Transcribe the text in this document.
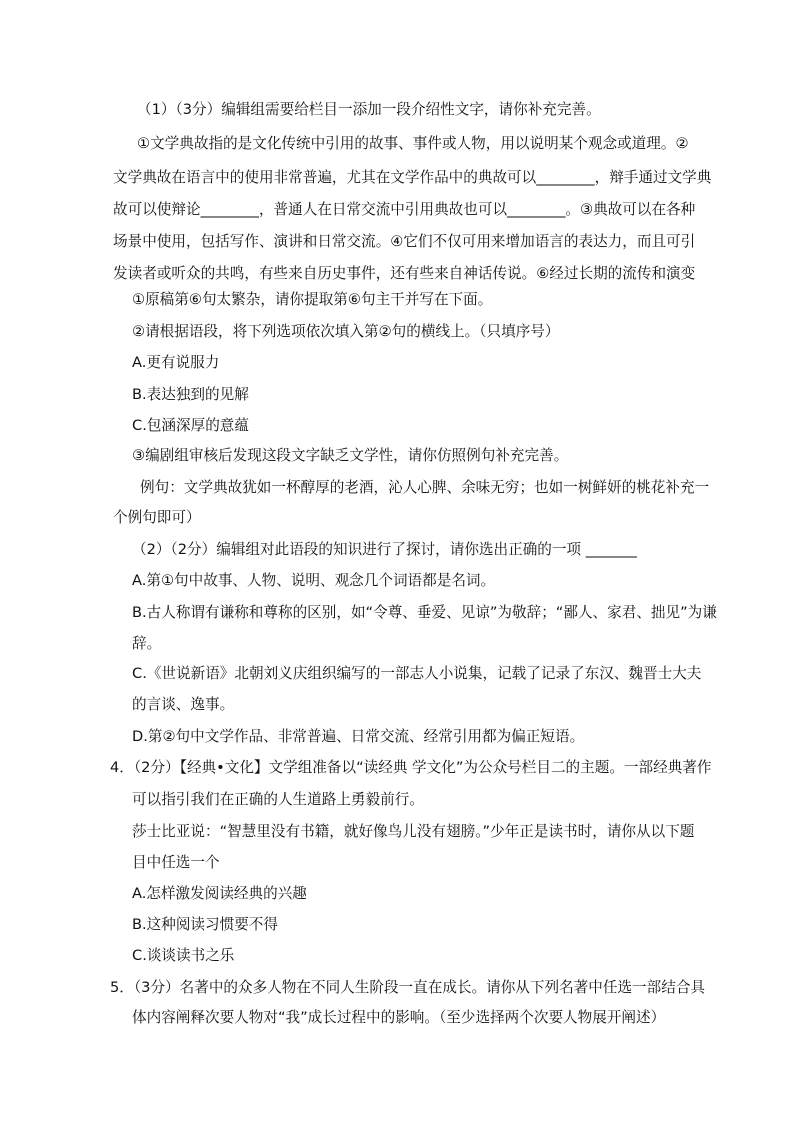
（1）（3分）编辑组需要给栏目一添加一段介绍性文字，请你补充完善。
①文学典故指的是文化传统中引用的故事、事件或人物，用以说明某个观念或道理。②
文学典故在语言中的使用非常普遍，尤其在文学作品中的典故可以________，辩手通过文学典
故可以使辩论________，普通人在日常交流中引用典故也可以________。③典故可以在各种
场景中使用，包括写作、演讲和日常交流。④它们不仅可用来增加语言的表达力，而且可引
发读者或听众的共鸣，有些来自历史事件，还有些来自神话传说。⑥经过长期的流传和演变
①原稿第⑥句太繁杂，请你提取第⑥句主干并写在下面。
②请根据语段，将下列选项依次填入第②句的横线上。（只填序号）
A.更有说服力
B.表达独到的见解
C.包涵深厚的意蕴
③编剧组审核后发现这段文字缺乏文学性，请你仿照例句补充完善。
例句：文学典故犹如一杯醇厚的老酒，沁人心脾、余味无穷；也如一树鲜妍的桃花补充一
个例句即可）
（2）（2分）编辑组对此语段的知识进行了探讨，请你选出正确的一项 _______
A.第①句中故事、人物、说明、观念几个词语都是名词。
B.古人称谓有谦称和尊称的区别，如“令尊、垂爱、见谅”为敬辞；“鄙人、家君、拙见”为谦
辞。
C.《世说新语》北朝刘义庆组织编写的一部志人小说集，记载了记录了东汉、魏晋士大夫
的言谈、逸事。
D.第②句中文学作品、非常普遍、日常交流、经常引用都为偏正短语。
4．（2分）【经典•文化】文学组准备以“读经典 学文化”为公众号栏目二的主题。一部经典著作
可以指引我们在正确的人生道路上勇毅前行。
莎士比亚说：“智慧里没有书籍，就好像鸟儿没有翅膀。”少年正是读书时，请你从以下题
目中任选一个
A.怎样激发阅读经典的兴趣
B.这种阅读习惯要不得
C.谈谈读书之乐
5．（3分）名著中的众多人物在不同人生阶段一直在成长。请你从下列名著中任选一部结合具
体内容阐释次要人物对“我”成长过程中的影响。（至少选择两个次要人物展开阐述）
